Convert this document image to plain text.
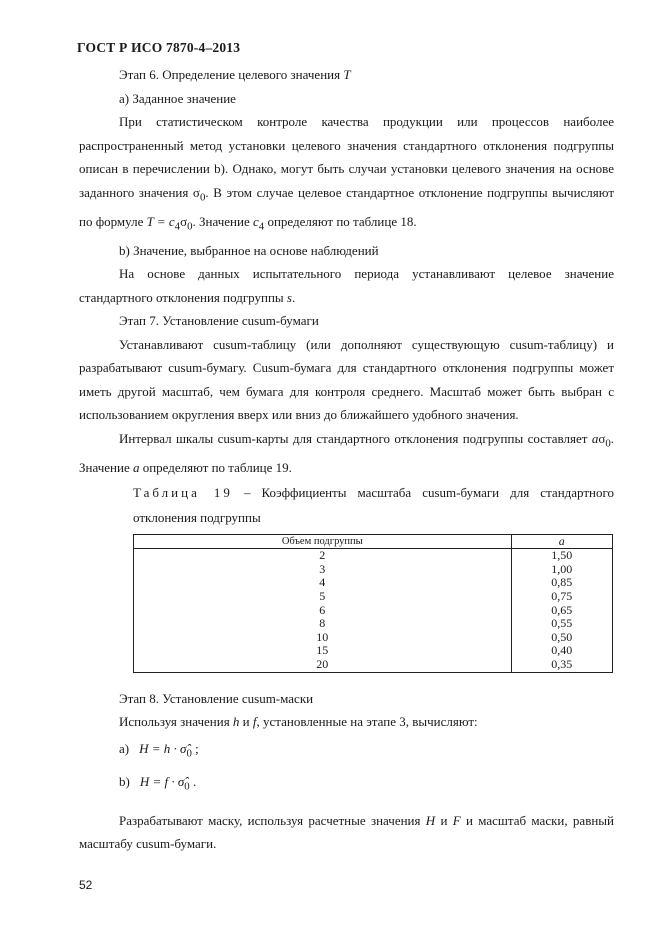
ГОСТ Р ИСО 7870-4–2013

Этап 6. Определение целевого значения T

а) Заданное значение

При статистическом контроле качества продукции или процессов наиболее распространенный метод установки целевого значения стандартного отклонения подгруппы описан в перечислении b). Однако, могут быть случаи установки целевого значения на основе заданного значения $\sigma_0$. В этом случае целевое стандартное отклонение подгруппы вычисляют по формуле $T = c_4\sigma_0$. Значение $c_4$ определяют по таблице 18.

b) Значение, выбранное на основе наблюдений

На основе данных испытательного периода устанавливают целевое значение стандартного отклонения подгруппы s.

Этап 7. Установление cusum-бумаги

Устанавливают cusum-таблицу (или дополняют существующую cusum-таблицу) и разрабатывают cusum-бумагу. Cusum-бумага для стандартного отклонения подгруппы может иметь другой масштаб, чем бумага для контроля среднего. Масштаб может быть выбран с использованием округления вверх или вниз до ближайшего удобного значения.

Интервал шкалы cusum-карты для стандартного отклонения подгруппы составляет $a\sigma_0$. Значение a определяют по таблице 19.

Таблица 19 – Коэффициенты масштаба cusum-бумаги для стандартного

отклонения подгруппы

Объем подгруппы	a
2	1,50
3	1,00
4	0,85
5	0,75
6	0,65
8	0,55
10	0,50
15	0,40
20	0,35

Этап 8. Установление cusum-маски

Используя значения h и f, установленные на этапе 3, вычисляют:

а) $H = h \cdot \sigmâ_0$ ;
b) $H = f \cdot \sigmâ_0$ .

Разрабатывают маску, используя расчетные значения H и F и масштаб маски, равный масштабу cusum-бумаги.

52
